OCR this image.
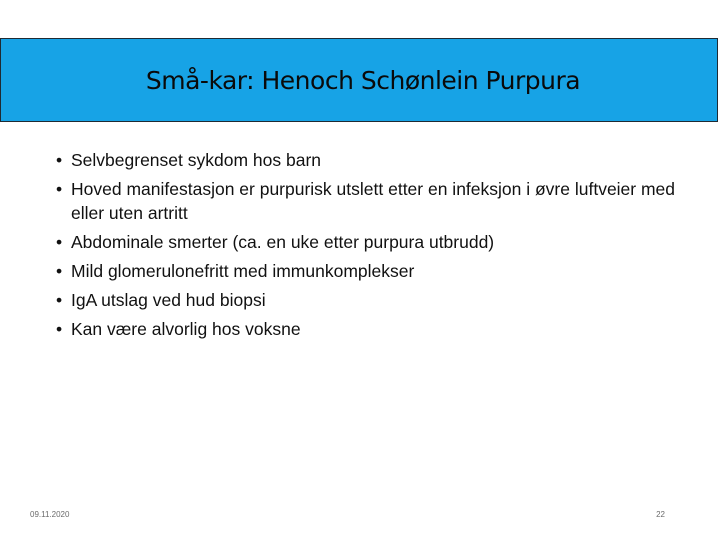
Små-kar: Henoch Schønlein Purpura
• Selvbegrenset sykdom hos barn
• Hoved manifestasjon er purpurisk utslett etter en infeksjon i øvre luftveier med eller uten artritt
• Abdominale smerter (ca. en uke etter purpura utbrudd)
• Mild glomerulonefritt med immunkomplekser
• IgA utslag ved hud biopsi
• Kan være alvorlig hos voksne
09.11.2020	22
